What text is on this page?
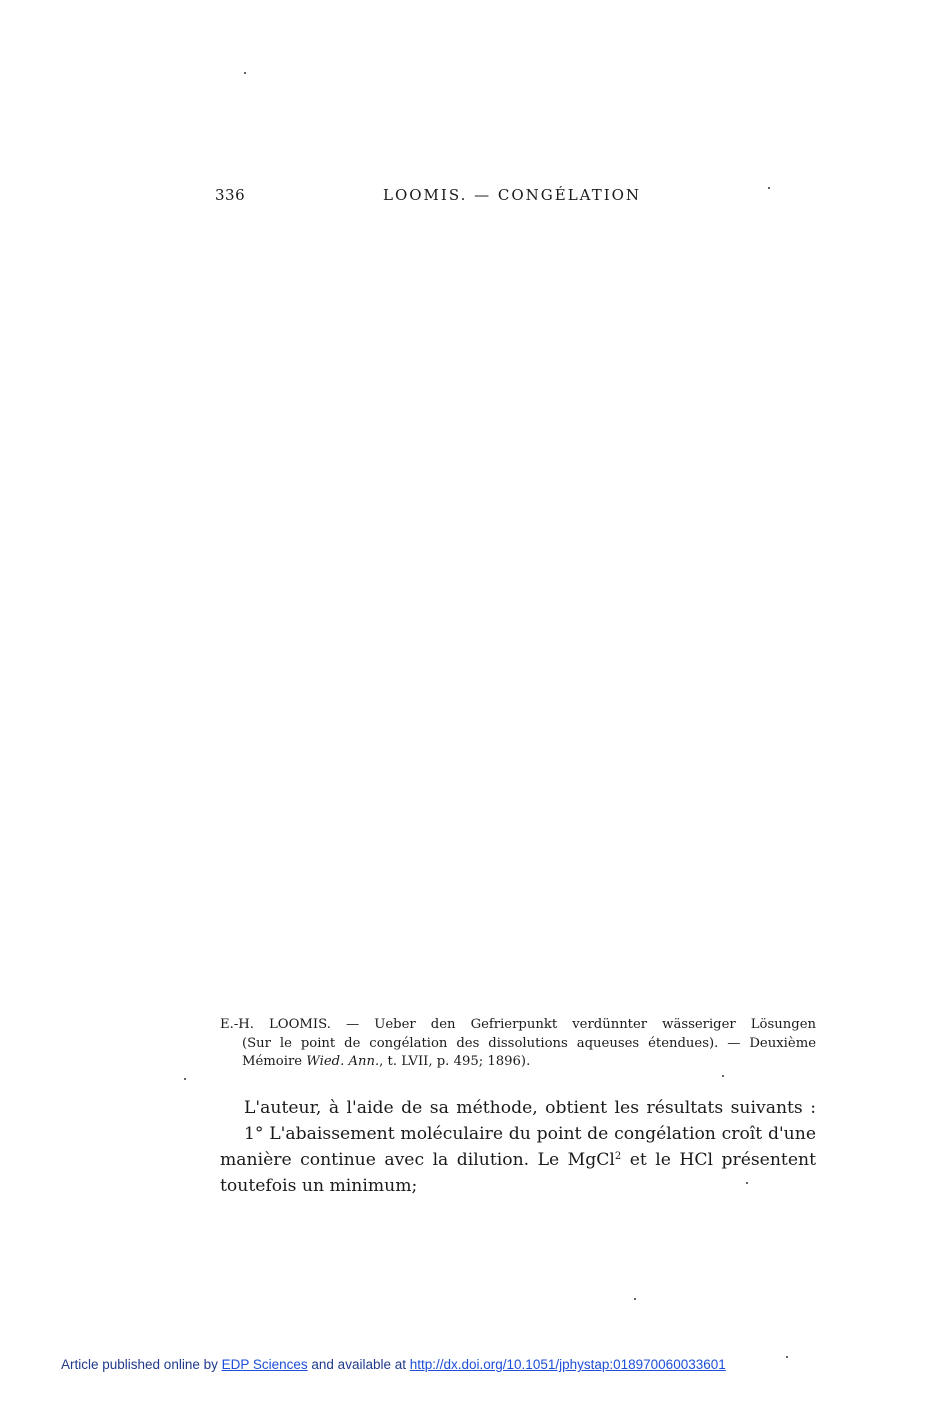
336	LOOMIS. — CONGÉLATION
E.-H. LOOMIS. — Ueber den Gefrierpunkt verdünnter wässeriger Lösungen
(Sur le point de congélation des dissolutions aqueuses étendues). — Deuxième
Mémoire Wied. Ann., t. LVII, p. 495; 1896).
L'auteur, à l'aide de sa méthode, obtient les résultats suivants :
1° L'abaissement moléculaire du point de congélation croît d'une
manière continue avec la dilution. Le MgCl$^2$ et le HCl présentent
toutefois un minimum;
Article published online by EDP Sciences and available at http://dx.doi.org/10.1051/jphystap:018970060033601
